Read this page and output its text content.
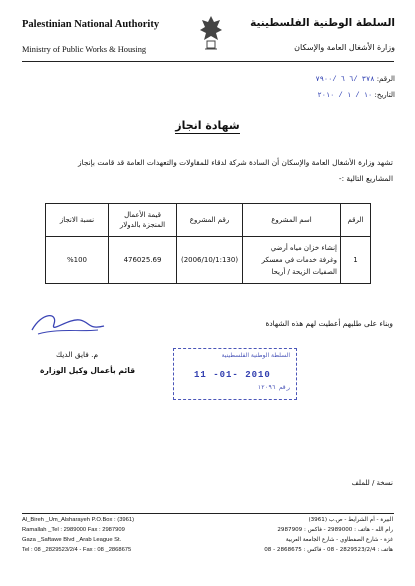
Palestinian National Authority
Ministry of Public Works & Housing
السلطة الوطنية الفلسطينية
وزارة الأشغال العامة والإسكان
الرقم: ٣٧٨ /٦ ٦ /٧٩٠٠
التاريخ: ١٠ / ١ / ٢٠١٠
شهادة انجاز
تشهد وزارة الأشغال العامة والإسكان أن السادة شركة لدقاء للمقاولات والتعهدات العامة قد قامت بإنجاز
المشاريع التالية :-
الرقم	اسم المشروع	رقم المشروع	قيمة الأعمال
المنجزة بالدولار	نسبة الانجاز
1	إنشاء خزان مياه أرضي
وغرفة خدمات في معسكر
الصفيات الزيحة / أريحا	(2006/10/1:130)	476025.69	%100
وبناء على طلبهم أعطيت لهم هذه الشهادة
م. فايق الديك
قائم بأعمال وكيل الوزارة
السلطة الوطنية الفلسطينية
11 -01- 2010
رقم ١٢٠٩٦
نسخة / للملف
Al_Bireh _Um_Alsharayeh P.O.Box : (3961)
Ramallah _Tel : 2989000 Fax : 2987909
Gaza _Saftawe Blvd _Arab League St.
Tel : 08 _2829523/2/4 - Fax : 08 _2868675
البيرة - أم الشرايط - ص.ب (3961)
رام الله - هاتف : 2989000 - فاكس : 2987909
غزة - شارع الصفطاوي - شارع الجامعة العربية
هاتف : 2829523/2/4 - 08 - فاكس : 2868675 - 08
